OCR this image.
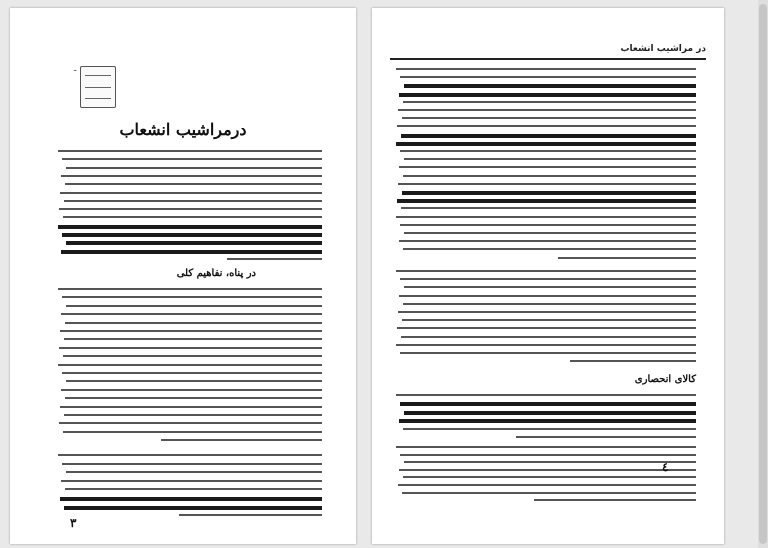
ـ
درمراشیب انشعاب
در پناه، نفاهیم کلی
٣
در مراشیب انشعاب
کالای انحصاری
٤
